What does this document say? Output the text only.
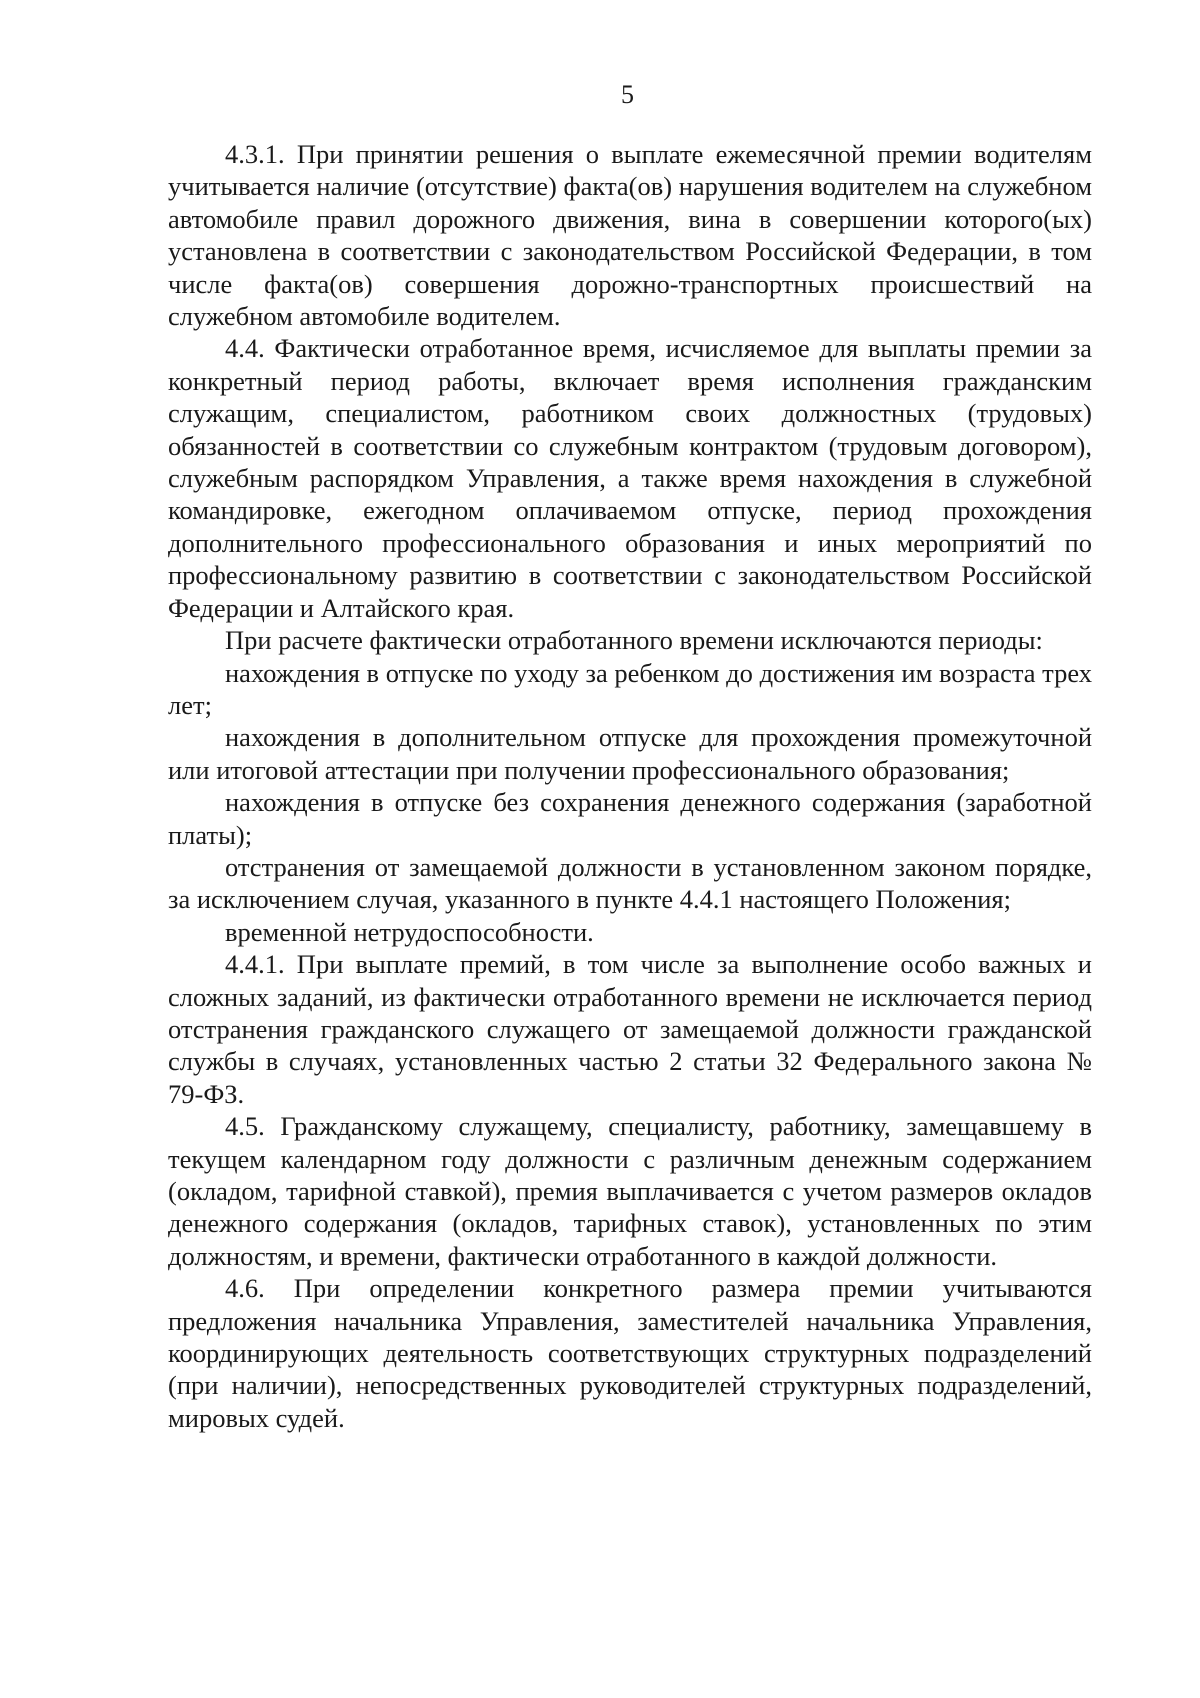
5

4.3.1. При принятии решения о выплате ежемесячной премии водителям учитывается наличие (отсутствие) факта(ов) нарушения водителем на служебном автомобиле правил дорожного движения, вина в совершении которого(ых) установлена в соответствии с законодательством Российской Федерации, в том числе факта(ов) совершения дорожно-транспортных происшествий на служебном автомобиле водителем.

4.4. Фактически отработанное время, исчисляемое для выплаты премии за конкретный период работы, включает время исполнения гражданским служащим, специалистом, работником своих должностных (трудовых) обязанностей в соответствии со служебным контрактом (трудовым договором), служебным распорядком Управления, а также время нахождения в служебной командировке, ежегодном оплачиваемом отпуске, период прохождения дополнительного профессионального образования и иных мероприятий по профессиональному развитию в соответствии с законодательством Российской Федерации и Алтайского края.

При расчете фактически отработанного времени исключаются периоды:

нахождения в отпуске по уходу за ребенком до достижения им возраста трех лет;

нахождения в дополнительном отпуске для прохождения промежуточной или итоговой аттестации при получении профессионального образования;

нахождения в отпуске без сохранения денежного содержания (заработной платы);

отстранения от замещаемой должности в установленном законом порядке, за исключением случая, указанного в пункте 4.4.1 настоящего Положения;

временной нетрудоспособности.

4.4.1. При выплате премий, в том числе за выполнение особо важных и сложных заданий, из фактически отработанного времени не исключается период отстранения гражданского служащего от замещаемой должности гражданской службы в случаях, установленных частью 2 статьи 32 Федерального закона № 79-ФЗ.

4.5. Гражданскому служащему, специалисту, работнику, замещавшему в текущем календарном году должности с различным денежным содержанием (окладом, тарифной ставкой), премия выплачивается с учетом размеров окладов денежного содержания (окладов, тарифных ставок), установленных по этим должностям, и времени, фактически отработанного в каждой должности.

4.6. При определении конкретного размера премии учитываются предложения начальника Управления, заместителей начальника Управления, координирующих деятельность соответствующих структурных подразделений (при наличии), непосредственных руководителей структурных подразделений, мировых судей.
